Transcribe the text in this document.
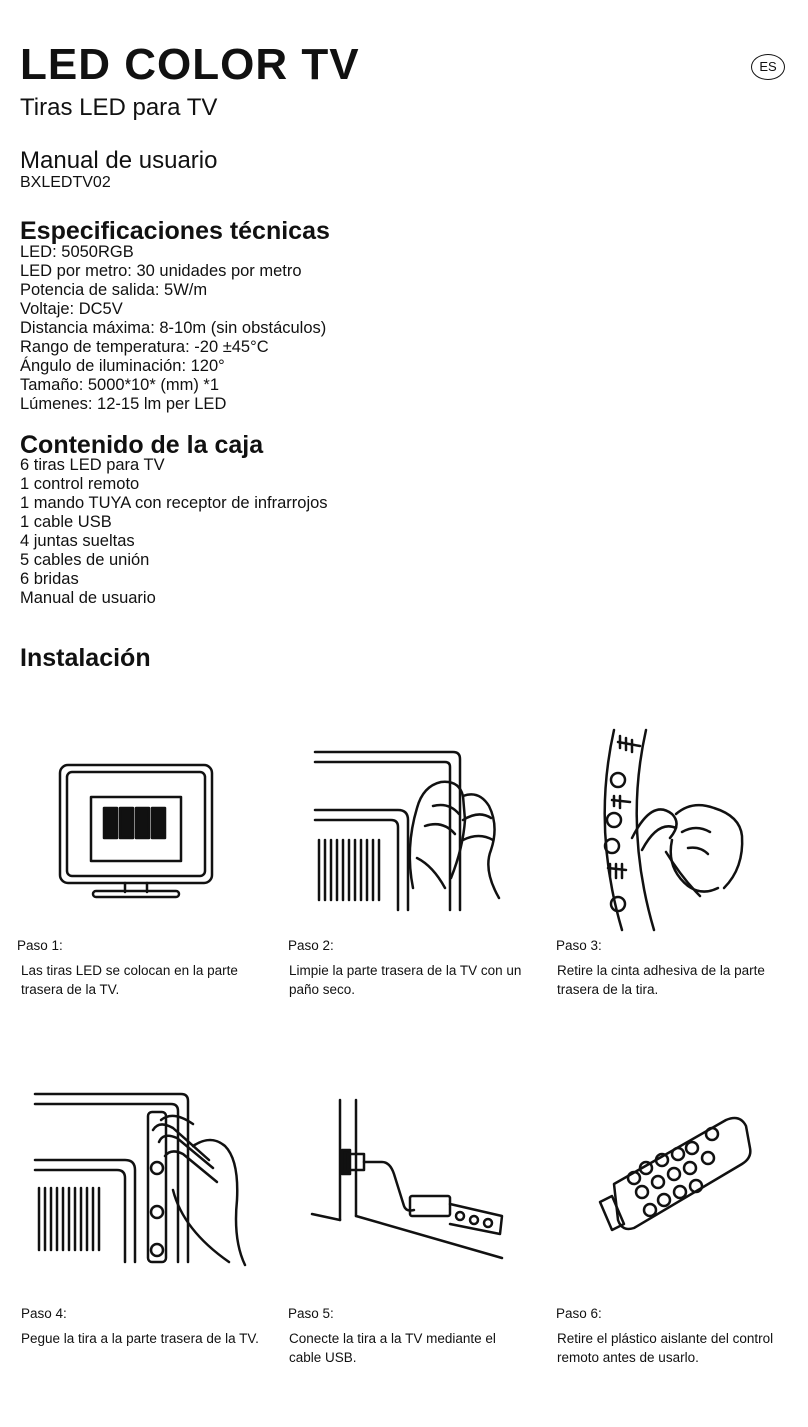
LED COLOR TV
Tiras LED para TV
Manual de usuario
BXLEDTV02
ES
Especificaciones técnicas
LED: 5050RGB
LED por metro: 30 unidades por metro
Potencia de salida: 5W/m
Voltaje: DC5V
Distancia máxima: 8-10m (sin obstáculos)
Rango de temperatura: -20 ±45°C
Ángulo de iluminación: 120°
Tamaño: 5000*10* (mm) *1
Lúmenes: 12-15 lm per LED
Contenido de la caja
6 tiras LED para TV
1 control remoto
1 mando TUYA con receptor de infrarrojos
1 cable USB
4 juntas sueltas
5 cables de unión
6 bridas
Manual de usuario
Instalación
Paso 1:
Las tiras LED se colocan en la parte trasera de la TV.
Paso 2:
Limpie la parte trasera de la TV con un paño seco.
Paso 3:
Retire la cinta adhesiva de la parte trasera de la tira.
Paso 4:
Pegue la tira a la parte trasera de la TV.
Paso 5:
Conecte la tira a la TV mediante el cable USB.
Paso 6:
Retire el plástico aislante del control remoto antes de usarlo.
